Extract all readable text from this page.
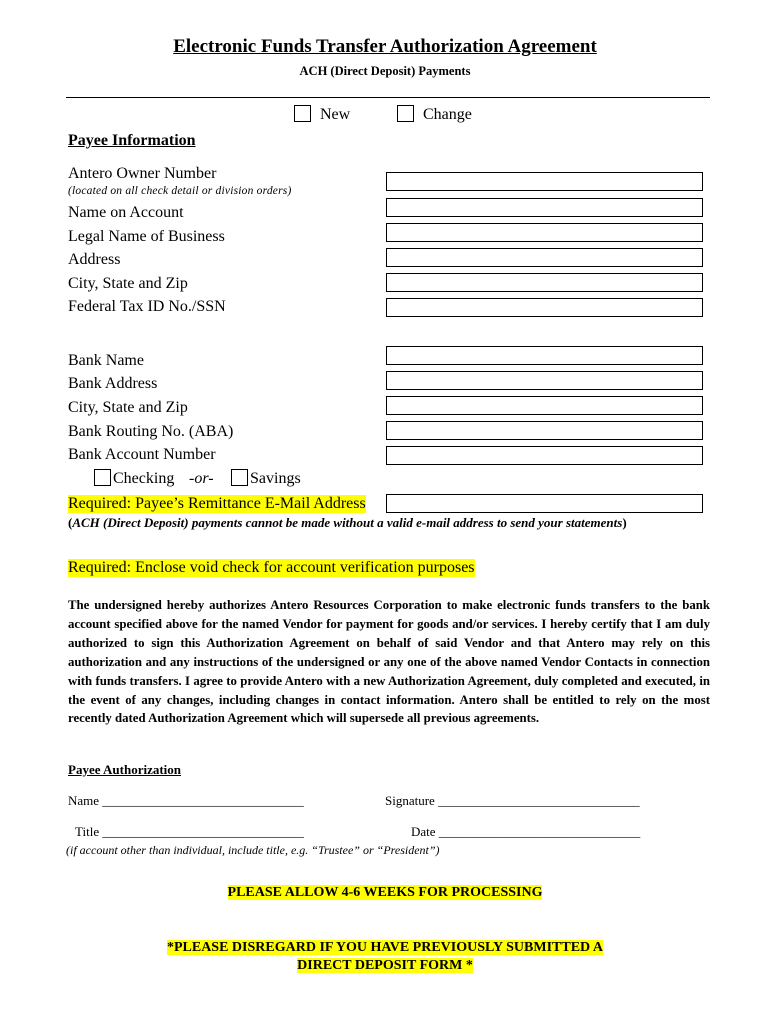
Electronic Funds Transfer Authorization Agreement
ACH (Direct Deposit) Payments
New	Change
Payee Information
Antero Owner Number
(located on all check detail or division orders)
Name on Account
Legal Name of Business
Address
City, State and Zip
Federal Tax ID No./SSN
Bank Name
Bank Address
City, State and Zip
Bank Routing No. (ABA)
Bank Account Number
Checking -or- Savings
Required: Payee’s Remittance E-Mail Address
(ACH (Direct Deposit) payments cannot be made without a valid e-mail address to send your statements)
Required: Enclose void check for account verification purposes
The undersigned hereby authorizes Antero Resources Corporation to make electronic funds transfers to the bank account specified above for the named Vendor for payment for goods and/or services. I hereby certify that I am duly authorized to sign this Authorization Agreement on behalf of said Vendor and that Antero may rely on this authorization and any instructions of the undersigned or any one of the above named Vendor Contacts in connection with funds transfers. I agree to provide Antero with a new Authorization Agreement, duly completed and executed, in the event of any changes, including changes in contact information. Antero shall be entitled to rely on the most recently dated Authorization Agreement which will supersede all previous agreements.
Payee Authorization
Name _______________________________	Signature _______________________________
Title _______________________________	Date _______________________________
(if account other than individual, include title, e.g. “Trustee” or “President”)
PLEASE ALLOW 4-6 WEEKS FOR PROCESSING
*PLEASE DISREGARD IF YOU HAVE PREVIOUSLY SUBMITTED A
DIRECT DEPOSIT FORM *
